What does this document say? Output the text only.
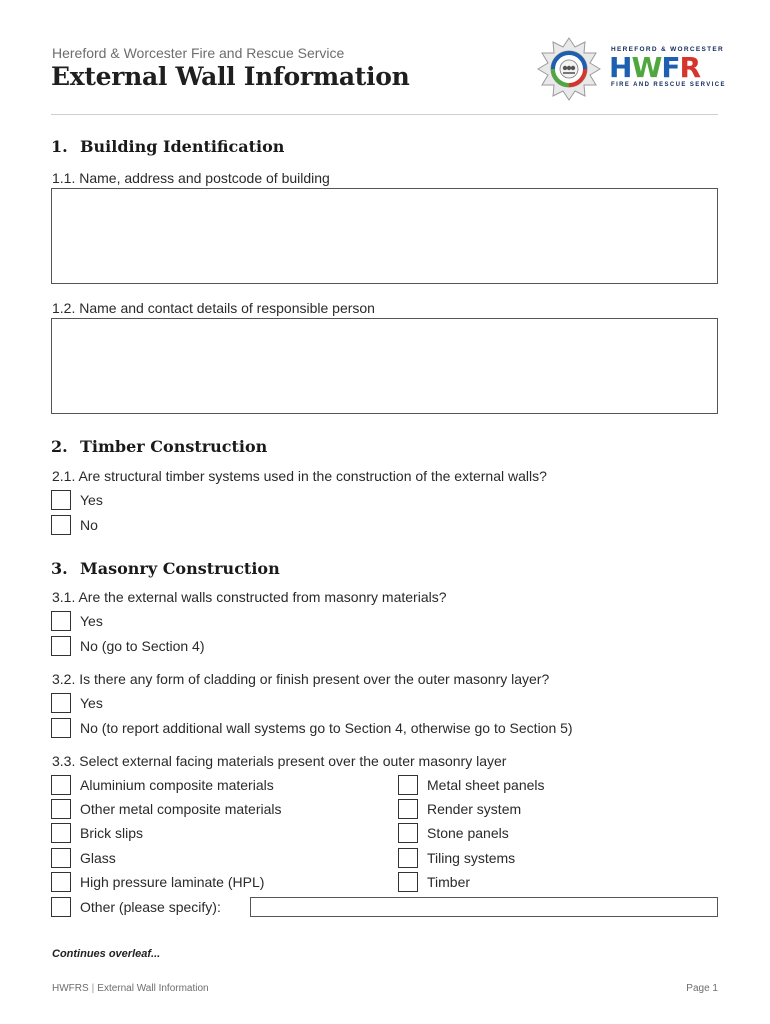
Hereford & Worcester Fire and Rescue Service
External Wall Information
HEREFORD & WORCESTER
HWFR
FIRE AND RESCUE SERVICE
1. Building Identification
1.1. Name, address and postcode of building
1.2. Name and contact details of responsible person
2. Timber Construction
2.1. Are structural timber systems used in the construction of the external walls?
Yes
No
3. Masonry Construction
3.1. Are the external walls constructed from masonry materials?
Yes
No (go to Section 4)
3.2. Is there any form of cladding or finish present over the outer masonry layer?
Yes
No (to report additional wall systems go to Section 4, otherwise go to Section 5)
3.3. Select external facing materials present over the outer masonry layer
Aluminium composite materials
Other metal composite materials
Brick slips
Glass
High pressure laminate (HPL)
Other (please specify):
Metal sheet panels
Render system
Stone panels
Tiling systems
Timber
Continues overleaf...
HWFRS | External Wall Information	Page 1
